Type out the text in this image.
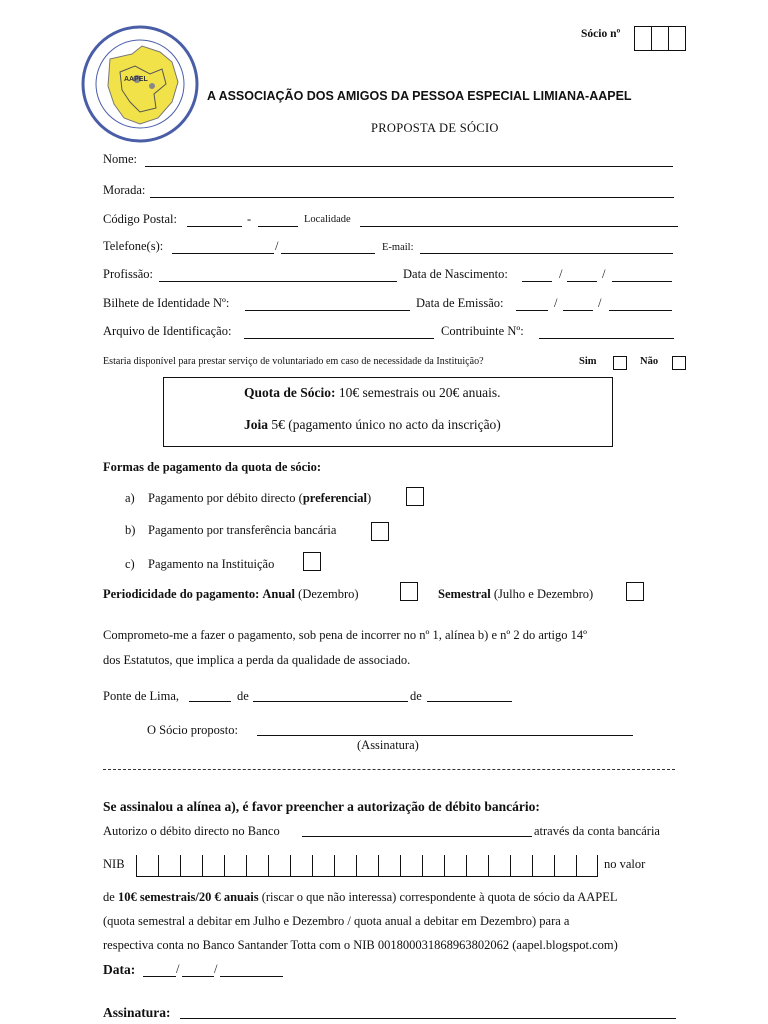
AAPEL
Sócio nº
A ASSOCIAÇÃO DOS AMIGOS DA PESSOA ESPECIAL LIMIANA-AAPEL
PROPOSTA DE SÓCIO
Nome:
Morada:
Código Postal:	-	Localidade
Telefone(s):	/	E-mail:
Profissão:	Data de Nascimento:	/	/
Bilhete de Identidade Nº:	Data de Emissão:	/	/
Arquivo de Identificação:	Contribuinte Nº:
Estaria disponível para prestar serviço de voluntariado em caso de necessidade da Instituição?	Sim	Não
Quota de Sócio: 10€ semestrais ou 20€ anuais.
Joia 5€ (pagamento único no acto da inscrição)
Formas de pagamento da quota de sócio:
a) Pagamento por débito directo (preferencial)
b) Pagamento por transferência bancária
c) Pagamento na Instituição
Periodicidade do pagamento: Anual (Dezembro)	Semestral (Julho e Dezembro)
Comprometo-me a fazer o pagamento, sob pena de incorrer no nº 1, alínea b) e nº 2 do artigo 14º
dos Estatutos, que implica a perda da qualidade de associado.
Ponte de Lima,	de	de
O Sócio proposto:
(Assinatura)
Se assinalou a alínea a), é favor preencher a autorização de débito bancário:
Autorizo o débito directo no Banco	através da conta bancária
NIB	no valor
de 10€ semestrais/20 € anuais (riscar o que não interessa) correspondente à quota de sócio da AAPEL
(quota semestral a debitar em Julho e Dezembro / quota anual a debitar em Dezembro) para a
respectiva conta no Banco Santander Totta com o NIB 001800031868963802062 (aapel.blogspot.com)
Data:	/	/
Assinatura:
